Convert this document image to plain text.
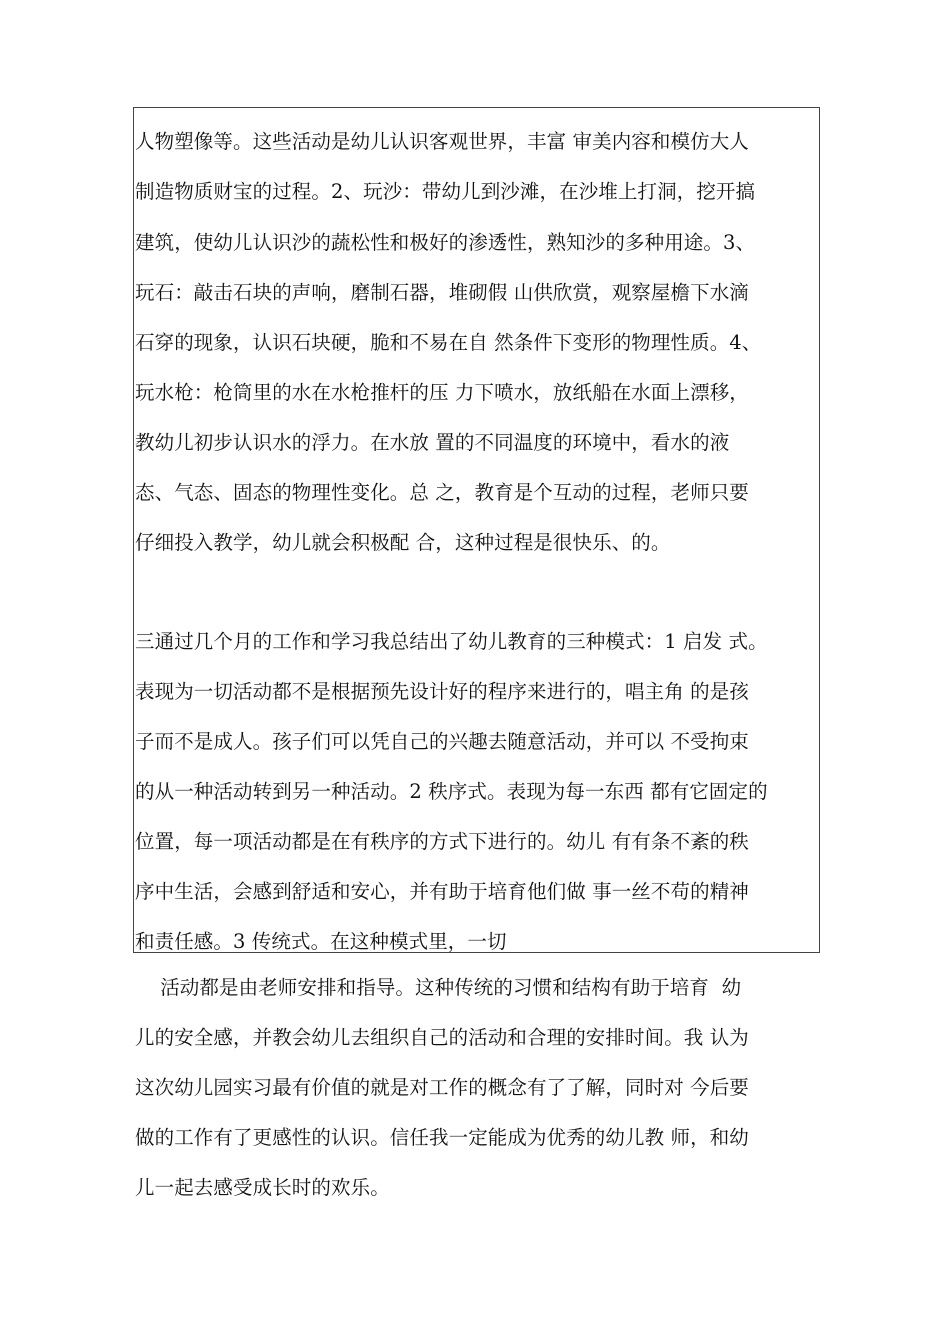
人物塑像等。这些活动是幼儿认识客观世界，丰富 审美内容和模仿大人
制造物质财宝的过程。2、玩沙：带幼儿到沙滩，在沙堆上打洞，挖开搞
建筑，使幼儿认识沙的蔬松性和极好的渗透性，熟知沙的多种用途。3、
玩石：敲击石块的声响，磨制石器，堆砌假 山供欣赏，观察屋檐下水滴
石穿的现象，认识石块硬，脆和不易在自 然条件下变形的物理性质。4、
玩水枪：枪筒里的水在水枪推杆的压 力下喷水，放纸船在水面上漂移，
教幼儿初步认识水的浮力。在水放 置的不同温度的环境中，看水的液
态、气态、固态的物理性变化。总 之，教育是个互动的过程，老师只要
仔细投入教学，幼儿就会积极配 合，这种过程是很快乐、的。
三通过几个月的工作和学习我总结出了幼儿教育的三种模式：1 启发 式。
表现为一切活动都不是根据预先设计好的程序来进行的，唱主角 的是孩
子而不是成人。孩子们可以凭自己的兴趣去随意活动，并可以 不受拘束
的从一种活动转到另一种活动。2 秩序式。表现为每一东西 都有它固定的
位置，每一项活动都是在有秩序的方式下进行的。幼儿 有有条不紊的秩
序中生活，会感到舒适和安心，并有助于培育他们做 事一丝不苟的精神
和责任感。3 传统式。在这种模式里，一切
活动都是由老师安排和指导。这种传统的习惯和结构有助于培育  幼
儿的安全感，并教会幼儿去组织自己的活动和合理的安排时间。我 认为
这次幼儿园实习最有价值的就是对工作的概念有了了解，同时对 今后要
做的工作有了更感性的认识。信任我一定能成为优秀的幼儿教 师，和幼
儿一起去感受成长时的欢乐。
